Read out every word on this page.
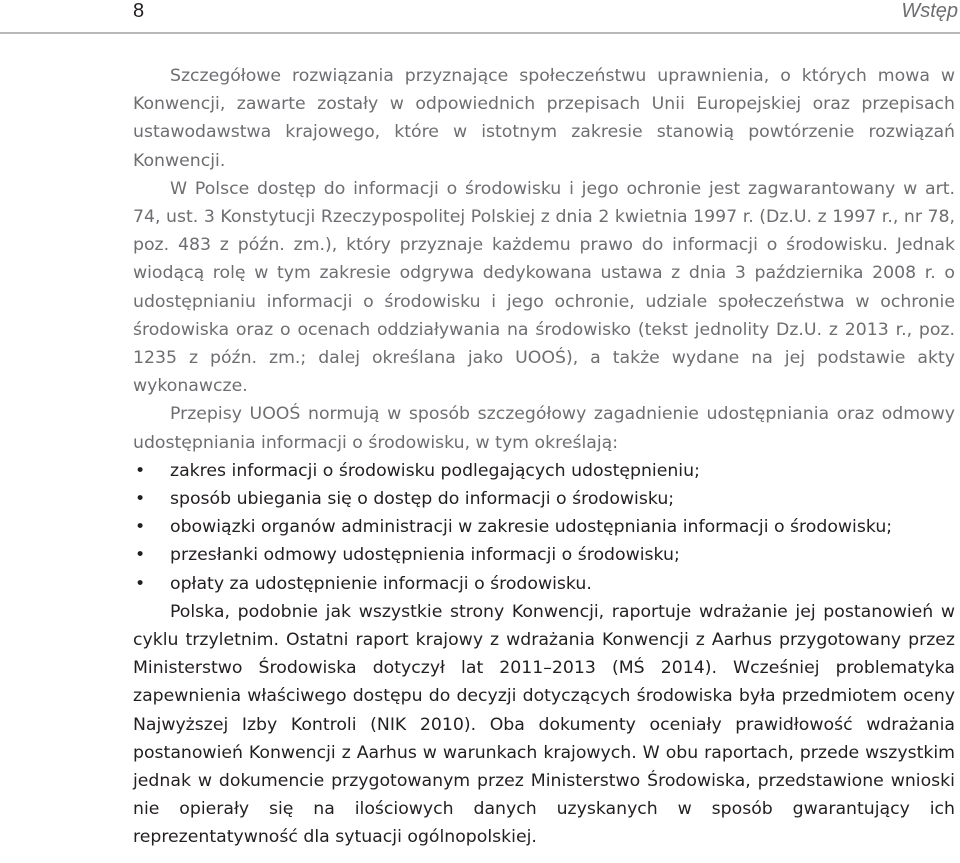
8	Wstęp

Szczegółowe rozwiązania przyznające społeczeństwu uprawnienia, o których mowa w Konwencji, zawarte zostały w odpowiednich przepisach Unii Europejskiej oraz przepisach ustawodawstwa krajowego, które w istotnym zakresie stanowią powtórzenie rozwiązań Konwencji.

W Polsce dostęp do informacji o środowisku i jego ochronie jest zagwarantowany w art. 74, ust. 3 Konstytucji Rzeczypospolitej Polskiej z dnia 2 kwietnia 1997 r. (Dz.U. z 1997 r., nr 78, poz. 483 z późn. zm.), który przyznaje każdemu prawo do informacji o środowisku. Jednak wiodącą rolę w tym zakresie odgrywa dedykowana ustawa z dnia 3 października 2008 r. o udostępnianiu informacji o środowisku i jego ochronie, udziale społeczeństwa w ochronie środowiska oraz o ocenach oddziaływania na środowisko (tekst jednolity Dz.U. z 2013 r., poz. 1235 z późn. zm.; dalej określana jako UOOŚ), a także wydane na jej podstawie akty wykonawcze.

Przepisy UOOŚ normują w sposób szczegółowy zagadnienie udostępniania oraz odmowy udostępniania informacji o środowisku, w tym określają:

• zakres informacji o środowisku podlegających udostępnieniu;
• sposób ubiegania się o dostęp do informacji o środowisku;
• obowiązki organów administracji w zakresie udostępniania informacji o środowisku;
• przesłanki odmowy udostępnienia informacji o środowisku;
• opłaty za udostępnienie informacji o środowisku.

Polska, podobnie jak wszystkie strony Konwencji, raportuje wdrażanie jej postanowień w cyklu trzyletnim. Ostatni raport krajowy z wdrażania Konwencji z Aarhus przygotowany przez Ministerstwo Środowiska dotyczył lat 2011–2013 (MŚ 2014). Wcześniej problematyka zapewnienia właściwego dostępu do decyzji dotyczących środowiska była przedmiotem oceny Najwyższej Izby Kontroli (NIK 2010). Oba dokumenty oceniały prawidłowość wdrażania postanowień Konwencji z Aarhus w warunkach krajowych. W obu raportach, przede wszystkim jednak w dokumencie przygotowanym przez Ministerstwo Środowiska, przedstawione wnioski nie opierały się na ilościowych danych uzyskanych w sposób gwarantujący ich reprezentatywność dla sytuacji ogólnopolskiej.
